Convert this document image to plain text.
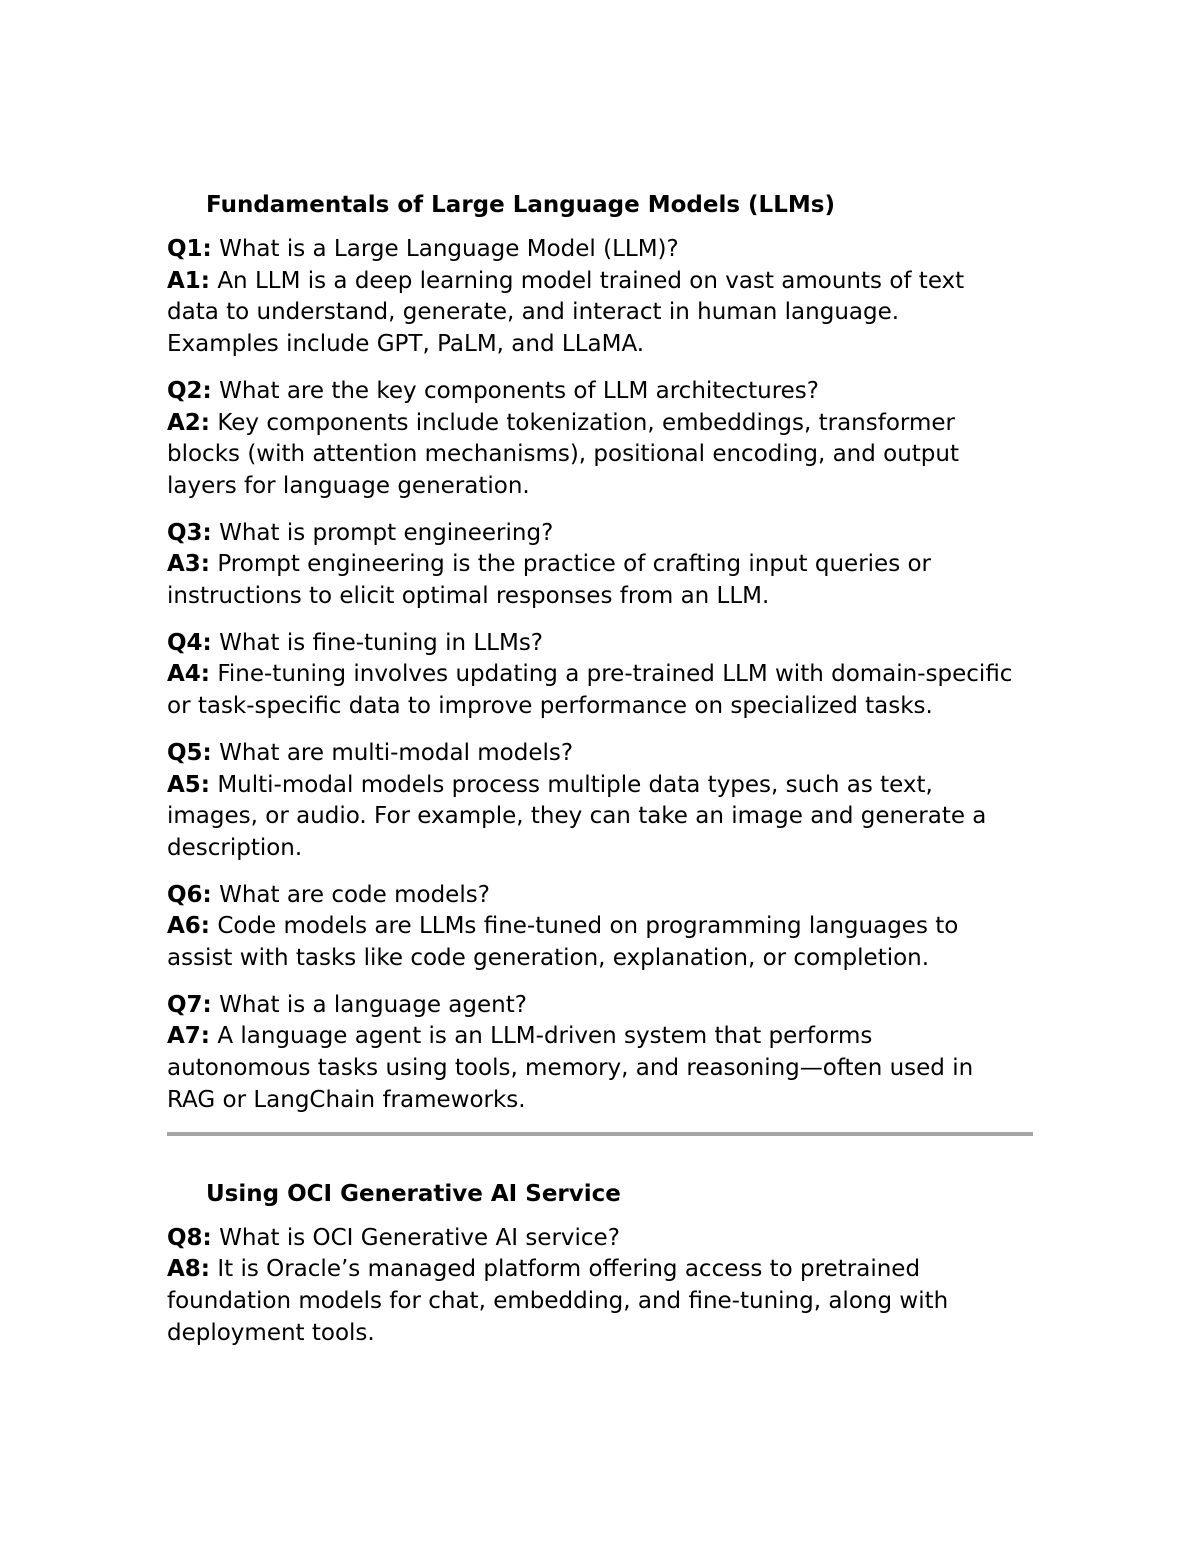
Fundamentals of Large Language Models (LLMs)
Q1: What is a Large Language Model (LLM)?
A1: An LLM is a deep learning model trained on vast amounts of text
data to understand, generate, and interact in human language.
Examples include GPT, PaLM, and LLaMA.
Q2: What are the key components of LLM architectures?
A2: Key components include tokenization, embeddings, transformer
blocks (with attention mechanisms), positional encoding, and output
layers for language generation.
Q3: What is prompt engineering?
A3: Prompt engineering is the practice of crafting input queries or
instructions to elicit optimal responses from an LLM.
Q4: What is fine-tuning in LLMs?
A4: Fine-tuning involves updating a pre-trained LLM with domain-specific
or task-specific data to improve performance on specialized tasks.
Q5: What are multi-modal models?
A5: Multi-modal models process multiple data types, such as text,
images, or audio. For example, they can take an image and generate a
description.
Q6: What are code models?
A6: Code models are LLMs fine-tuned on programming languages to
assist with tasks like code generation, explanation, or completion.
Q7: What is a language agent?
A7: A language agent is an LLM-driven system that performs
autonomous tasks using tools, memory, and reasoning—often used in
RAG or LangChain frameworks.
Using OCI Generative AI Service
Q8: What is OCI Generative AI service?
A8: It is Oracle’s managed platform offering access to pretrained
foundation models for chat, embedding, and fine-tuning, along with
deployment tools.
